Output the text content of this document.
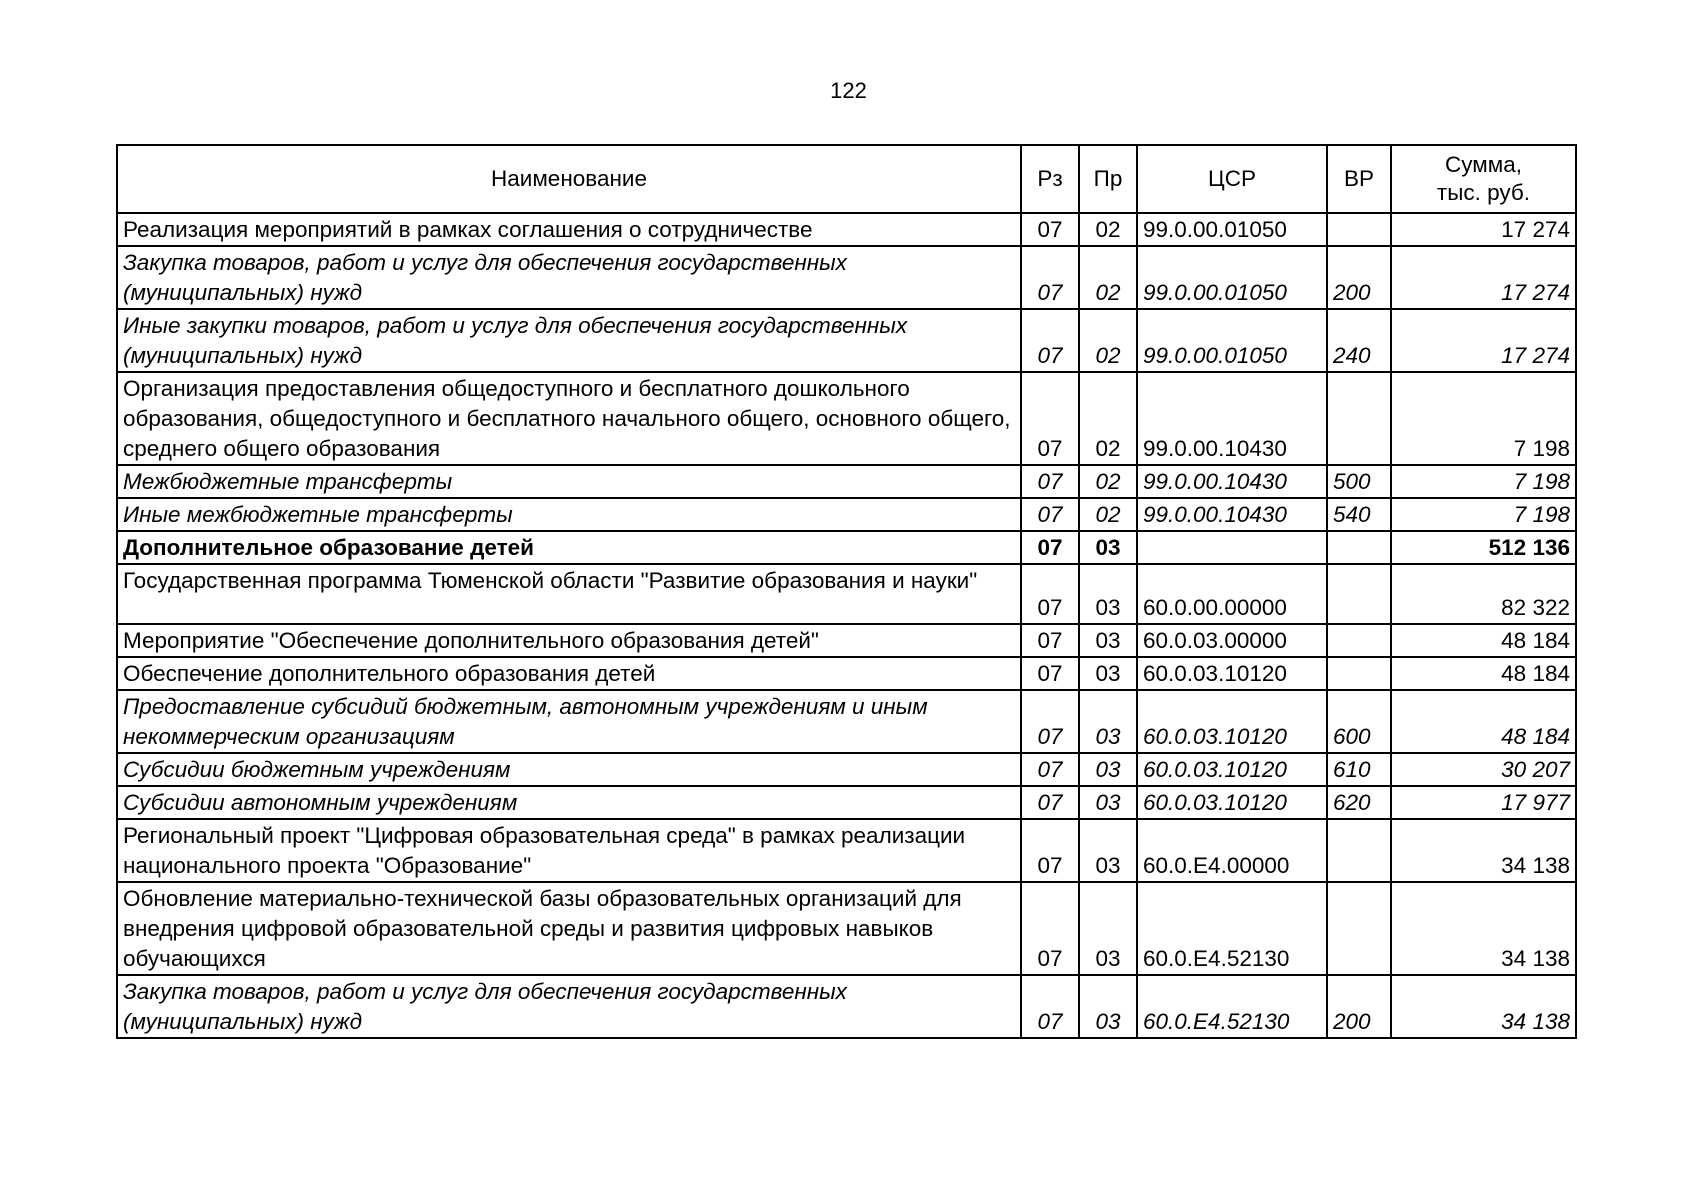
122
Наименование	Рз	Пр	ЦСР	ВР	Сумма,
тыс. руб.
Реализация мероприятий в рамках соглашения о сотрудничестве	07	02	99.0.00.01050		17 274
Закупка товаров, работ и услуг для обеспечения государственных (муниципальных) нужд	07	02	99.0.00.01050	200	17 274
Иные закупки товаров, работ и услуг для обеспечения государственных (муниципальных) нужд	07	02	99.0.00.01050	240	17 274
Организация предоставления общедоступного и бесплатного дошкольного образования, общедоступного и бесплатного начального общего, основного общего, среднего общего образования	07	02	99.0.00.10430		7 198
Межбюджетные трансферты	07	02	99.0.00.10430	500	7 198
Иные межбюджетные трансферты	07	02	99.0.00.10430	540	7 198
Дополнительное образование детей	07	03			512 136
Государственная программа Тюменской области "Развитие образования и науки"	07	03	60.0.00.00000		82 322
Мероприятие "Обеспечение дополнительного образования детей"	07	03	60.0.03.00000		48 184
Обеспечение дополнительного образования детей	07	03	60.0.03.10120		48 184
Предоставление субсидий бюджетным, автономным учреждениям и иным некоммерческим организациям	07	03	60.0.03.10120	600	48 184
Субсидии бюджетным учреждениям	07	03	60.0.03.10120	610	30 207
Субсидии автономным учреждениям	07	03	60.0.03.10120	620	17 977
Региональный проект "Цифровая образовательная среда" в рамках реализации национального проекта "Образование"	07	03	60.0.E4.00000		34 138
Обновление материально-технической базы образовательных организаций для внедрения цифровой образовательной среды и развития цифровых навыков обучающихся	07	03	60.0.E4.52130		34 138
Закупка товаров, работ и услуг для обеспечения государственных (муниципальных) нужд	07	03	60.0.E4.52130	200	34 138
